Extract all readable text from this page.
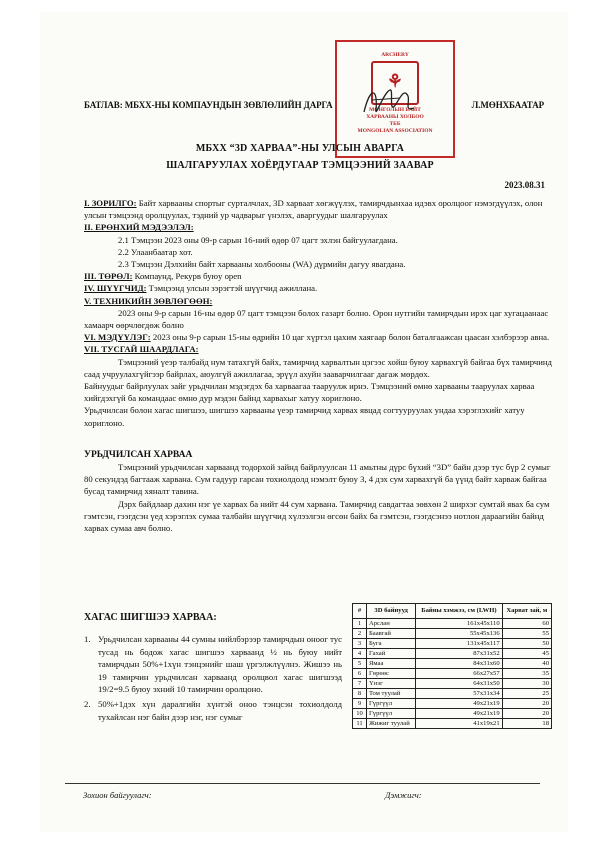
БАТЛАВ: МБХХ-НЫ КОМПАУНДЫН ЗӨВЛӨЛИЙН ДАРГА	Л.МӨНХБААТАР
ARCHERY
⚘
МОНГОЛЫН БАЙТ
ХАРВААНЫ ХОЛБОО
ТББ
MONGOLIAN ASSOCIATION
МБХХ “3D ХАРВАА”-НЫ УЛСЫН АВАРГА
ШАЛГАРУУЛАХ ХОЁРДУГААР ТЭМЦЭЭНИЙ ЗААВАР
2023.08.31

I. ЗОРИЛГО: Байт харвааны спортыг сурталчлах, 3D харваат хөгжүүлэх, тамирчдынхаа идэвх оролцоог нэмэгдүүлэх, олон улсын тэмцээнд оролцуулах, тэдний ур чадварыг үнэлэх, аваргуудыг шалгаруулах

II. ЕРӨНХИЙ МЭДЭЭЛЭЛ:

2.1 Тэмцээн 2023 оны 09-р сарын 16-ний өдөр 07 цагт эхлэн байгуулагдана.

2.2 Улаанбаатар хот.

2.3 Тэмцээн Дэлхийн байт харвааны холбооны (WA) дүрмийн дагуу явагдана.

III. ТӨРӨЛ: Компаунд, Рекурв буюу open

IV. ШҮҮГЧИД: Тэмцээнд улсын зэрэгтэй шүүгчид ажиллана.

V. ТЕХНИКИЙН ЗӨВЛӨГӨӨН:

2023 оны 9-р сарын 16-ны өдөр 07 цагт тэмцээн болох газарт болно. Орон нутгийн тамирчдын ирэх цаг хугацаанаас хамаарч өөрчлөгдөж болно

VI. МЭДҮҮЛЭГ: 2023 оны 9-р сарын 15-ны өдрийн 10 цаг хүртэл цахим хаягаар болон баталгаажсан цаасан хэлбэрээр авна.

VII. ТУСГАЙ ШААРДЛАГА:

Тэмцээний үеэр талбайд нум татахгүй байх, тамирчид харвалтын цэгээс хойш буюу харвахгүй байгаа бүх тамирчинд саад учруулахгүйгээр байрлах, аюулгүй ажиллагаа, эрүүл ахуйн зааварчилгааг дагаж мөрдөх.

Байнуудыг байрлуулах зайг урьдчилан мэдэгдэх ба харваагаа тааруулж ирнэ. Тэмцээний өмнө харвааны тааруулах харваа хийгдэхгүй ба командаас өмнө дур мэдэн байнд харвахыг хатуу хориглоно.

Урьдчилсан болон хагас шигшээ, шигшээ харвааны үеэр тамирчид харвах явцад согтууруулах ундаа хэрэглэхийг хатуу хориглоно.

УРЬДЧИЛСАН ХАРВАА

Тэмцээний урьдчилсан харваанд тодорхой зайнд байрлуулсан 11 амьтны дүрс бүхий “3D” байн дээр тус бүр 2 сумыг 80 секундэд багтааж харвана. Сум гадуур гарсан тохиолдолд нэмэлт буюу 3, 4 дэх сум харвахгүй ба үүнд байт харваж байгаа бусад тамирчид хяналт тавина.

Дэрх байдлаар дахин нэг үе харвах ба нийт 44 сум харвана. Тамирчид савдагтаа зөвхөн 2 ширхэг сумтай явах ба сум гэмтсэн, гээгдсэн үед хэрэглэх сумаа талбайн шүүгчид хүлээлгэн өгсөн байх ба гэмтсэн, гээгдсэнээ нотлон дараагийн байнд харвах сумаа авч болно.

ХАГАС ШИГШЭЭ ХАРВАА:
1. Урьдчилсан харвааны 44 сумны нийлбэрээр тамирчдын оноог тус тусад нь бодож хагас шигшээ харваанд ½ нь буюу нийт тамирчдын 50%+1хүн тэнцэнийг шаш үргэлжлүүлнэ. Жишээ нь 19 тамирчин урьдчилсан харваанд оролцвол хагас шигшээд 19/2=9.5 буюу эхний 10 тамирчин оролцоно.
2. 50%+1дэх хүн даралгийн хүнтэй оноо тэнцсэн тохиолдолд тухайлсан нэг байн дээр нэг, нэг сумыг
#	3D байнууд	Байны хэмжээ, см (LWH)	Харват зай, м
1	Арслан	161х45х110	60
2	Баавгай	55х45х136	55
3	Буга	131х45х117	50
4	Гахай	87х31х52	45
5	Ямаа	84х31х60	40
6	Гөрөөс	66х27х57	35
7	Үнэг	64х31х50	30
8	Том туулай	57х31х34	25
9	Гүргүүл	49х21х19	20
10	Гүргүүл	49х21х19	20
11	Жижиг туулай	41х19х21	18
Зохион байгуулагч:	Дэмжигч:
